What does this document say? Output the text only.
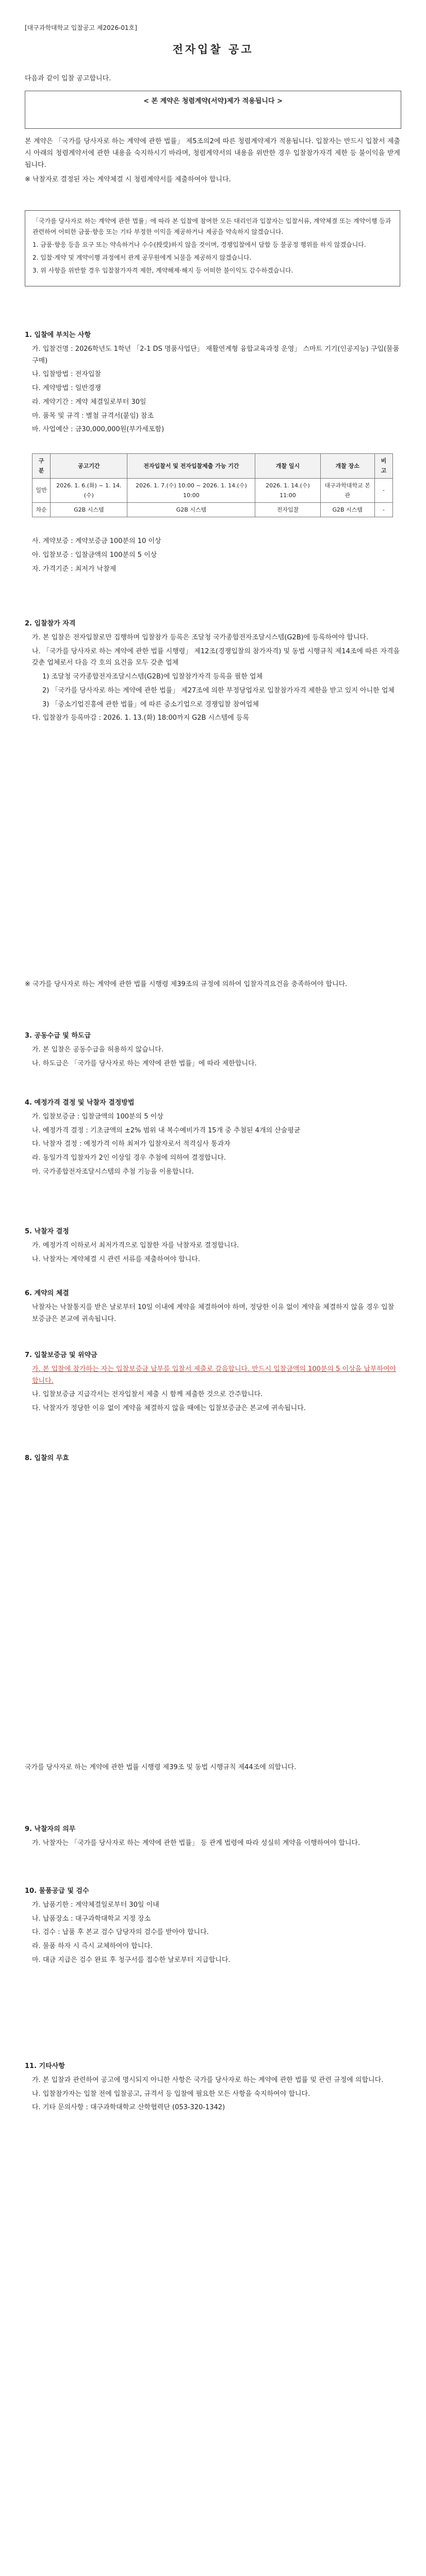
[대구과학대학교 입찰공고 제2026-01호]
전자입찰 공고
다음과 같이 입찰 공고합니다.
< 본 계약은 청렴계약(서약)제가 적용됩니다 >

본 계약은 「국가를 당사자로 하는 계약에 관한 법률」 제5조의2에 따른 청렴계약제가 적용됩니다. 입찰자는 반드시 입찰서 제출시 아래의 청렴계약서에 관한 내용을 숙지하시기 바라며, 청렴계약서의 내용을 위반한 경우 입찰참가자격 제한 등 불이익을 받게 됩니다.

※ 낙찰자로 결정된 자는 계약체결 시 청렴계약서를 제출하여야 합니다.

「국가를 당사자로 하는 계약에 관한 법률」에 따라 본 입찰에 참여한 모든 대리인과 입찰자는 입찰서류, 계약체결 또는 계약이행 등과 관련하여 어떠한 금품·향응 또는 기타 부정한 이익을 제공하거나 제공을 약속하지 않겠습니다.

1. 금품·향응 등을 요구 또는 약속하거나 수수(授受)하지 않을 것이며, 경쟁입찰에서 담합 등 불공정 행위를 하지 않겠습니다.

2. 입찰·계약 및 계약이행 과정에서 관계 공무원에게 뇌물을 제공하지 않겠습니다.

3. 위 사항을 위반할 경우 입찰참가자격 제한, 계약해제·해지 등 어떠한 불이익도 감수하겠습니다.

1. 입찰에 부치는 사항

가. 입찰건명 : 2026학년도 1학년 「2-1 DS 명품사업단」 재활연계형 융합교육과정 운영」 스마트 기기(인공지능) 구입(물품구매)

나. 입찰방법 : 전자입찰

다. 계약방법 : 일반경쟁

라. 계약기간 : 계약 체결일로부터 30일

마. 품목 및 규격 : 별첨 규격서(붙임) 참조

바. 사업예산 : 금30,000,000원(부가세포함)

구 분	공고기간	전자입찰서 및 전자입찰제출 가능 기간	개찰 일시	개찰 장소	비 고
일반	2026. 1. 6.(화) ~ 1. 14.(수)	2026. 1. 7.(수) 10:00 ~ 2026. 1. 14.(수) 10:00	2026. 1. 14.(수) 11:00	대구과학대학교 본관	-
차순	G2B 시스템	G2B 시스템	전자입찰	G2B 시스템	-

사. 계약보증 : 계약보증금 100분의 10 이상

아. 입찰보증 : 입찰금액의 100분의 5 이상

자. 가격기준 : 최저가 낙찰제

2. 입찰참가 자격

가. 본 입찰은 전자입찰로만 집행하며 입찰참가 등록은 조달청 국가종합전자조달시스템(G2B)에 등록하여야 합니다.

나. 「국가를 당사자로 하는 계약에 관한 법률 시행령」 제12조(경쟁입찰의 참가자격) 및 동법 시행규칙 제14조에 따른 자격을 갖춘 업체로서 다음 각 호의 요건을 모두 갖춘 업체

1) 조달청 국가종합전자조달시스템(G2B)에 입찰참가자격 등록을 필한 업체

2) 「국가를 당사자로 하는 계약에 관한 법률」 제27조에 의한 부정당업자로 입찰참가자격 제한을 받고 있지 아니한 업체

3) 「중소기업진흥에 관한 법률」에 따른 중소기업으로 경쟁입찰 참여업체

다. 입찰참가 등록마감 : 2026. 1. 13.(화) 18:00까지 G2B 시스템에 등록

※ 국가를 당사자로 하는 계약에 관한 법률 시행령 제39조의 규정에 의하여 입찰자격요건을 충족하여야 합니다.

3. 공동수급 및 하도급

가. 본 입찰은 공동수급을 허용하지 않습니다.

나. 하도급은 「국가를 당사자로 하는 계약에 관한 법률」에 따라 제한합니다.

4. 예정가격 결정 및 낙찰자 결정방법

가. 입찰보증금 : 입찰금액의 100분의 5 이상

나. 예정가격 결정 : 기초금액의 ±2% 범위 내 복수예비가격 15개 중 추첨된 4개의 산술평균

다. 낙찰자 결정 : 예정가격 이하 최저가 입찰자로서 적격심사 통과자

라. 동일가격 입찰자가 2인 이상일 경우 추첨에 의하여 결정합니다.

마. 국가종합전자조달시스템의 추첨 기능을 이용합니다.

5. 낙찰자 결정

가. 예정가격 이하로서 최저가격으로 입찰한 자를 낙찰자로 결정합니다.

나. 낙찰자는 계약체결 시 관련 서류를 제출하여야 합니다.

6. 계약의 체결

낙찰자는 낙찰통지를 받은 날로부터 10일 이내에 계약을 체결하여야 하며, 정당한 이유 없이 계약을 체결하지 않을 경우 입찰보증금은 본교에 귀속됩니다.

7. 입찰보증금 및 위약금

가. 본 입찰에 참가하는 자는 입찰보증금 납부를 입찰서 제출로 갈음합니다. 반드시 입찰금액의 100분의 5 이상을 납부하여야 합니다.

나. 입찰보증금 지급각서는 전자입찰서 제출 시 함께 제출한 것으로 간주합니다.

다. 낙찰자가 정당한 이유 없이 계약을 체결하지 않을 때에는 입찰보증금은 본교에 귀속됩니다.

8. 입찰의 무효

국가를 당사자로 하는 계약에 관한 법률 시행령 제39조 및 동법 시행규칙 제44조에 의합니다.

9. 낙찰자의 의무

가. 낙찰자는 「국가를 당사자로 하는 계약에 관한 법률」 등 관계 법령에 따라 성실히 계약을 이행하여야 합니다.

10. 물품공급 및 검수

가. 납품기한 : 계약체결일로부터 30일 이내

나. 납품장소 : 대구과학대학교 지정 장소

다. 검수 : 납품 후 본교 검수 담당자의 검수를 받아야 합니다.

라. 물품 하자 시 즉시 교체하여야 합니다.

마. 대금 지급은 검수 완료 후 청구서를 접수한 날로부터 지급합니다.

11. 기타사항

가. 본 입찰과 관련하여 공고에 명시되지 아니한 사항은 국가를 당사자로 하는 계약에 관한 법률 및 관련 규정에 의합니다.

나. 입찰참가자는 입찰 전에 입찰공고, 규격서 등 입찰에 필요한 모든 사항을 숙지하여야 합니다.

다. 기타 문의사항 : 대구과학대학교 산학협력단 (053-320-1342)
